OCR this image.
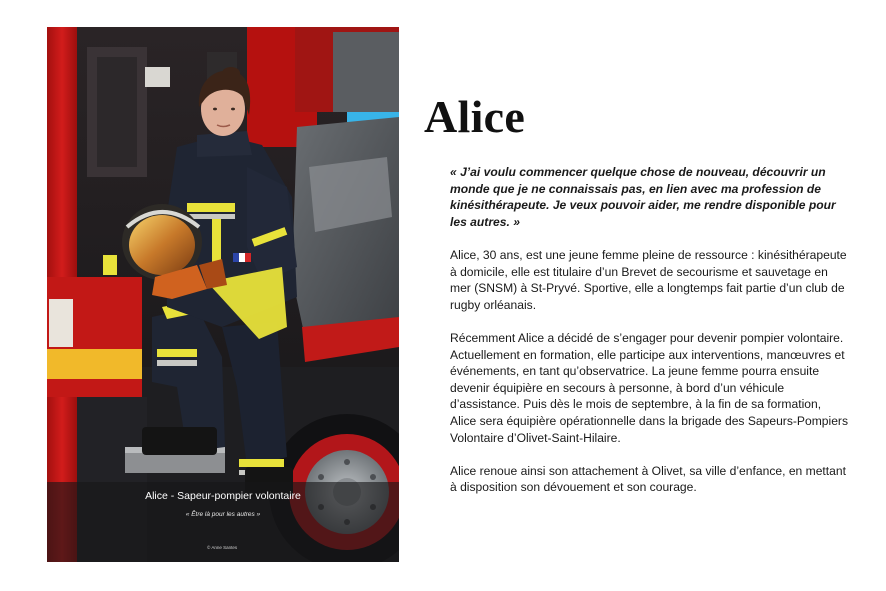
Alice - Sapeur-pompier volontaire
« Être là pour les autres »
© Anne Santes
Alice

« J’ai voulu commencer quelque chose de nouveau, découvrir un monde que je ne connaissais pas, en lien avec ma profession de kinésithérapeute. Je veux pouvoir aider, me rendre disponible pour les autres. »

Alice, 30 ans, est une jeune femme pleine de ressource : kinésithérapeute à domicile, elle est titulaire d’un Brevet de secourisme et sauvetage en mer (SNSM) à St-Pryvé. Sportive, elle a longtemps fait partie d’un club de rugby orléanais.

Récemment Alice a décidé de s’engager pour devenir pompier volontaire. Actuellement en formation, elle participe aux interventions, manœuvres et événements, en tant qu’observatrice. La jeune femme pourra ensuite devenir équipière en secours à personne, à bord d’un véhicule d’assistance. Puis dès le mois de septembre, à la fin de sa formation, Alice sera équipière opérationnelle dans la brigade des Sapeurs-Pompiers Volontaire d’Olivet-Saint-Hilaire.

Alice renoue ainsi son attachement à Olivet, sa ville d’enfance, en mettant à disposition son dévouement et son courage.
